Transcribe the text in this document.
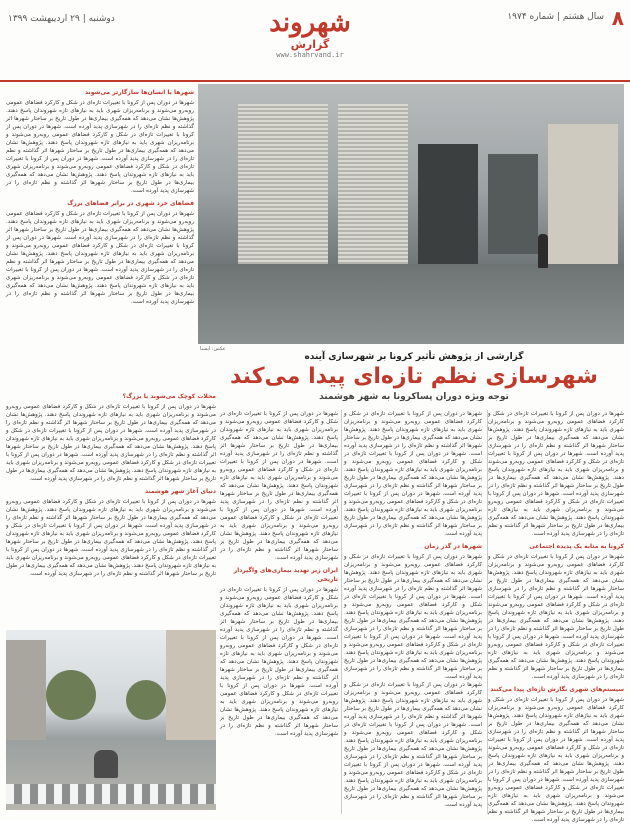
۸
سال هشتم | شماره ۱۹۷۴
شهروند
گزارش
www.shahrvand.ir
دوشنبه | ۲۹ اردیبهشت ۱۳۹۹
شهرها با انسان‌ها سازگارتر می‌شوند
شهرها در دوران پس از کرونا با تغییرات تازه‌ای در شکل و کارکرد فضاهای عمومی روبه‌رو می‌شوند و برنامه‌ریزان شهری باید به نیازهای تازه شهروندان پاسخ دهند. پژوهش‌ها نشان می‌دهد که همه‌گیری بیماری‌ها در طول تاریخ بر ساختار شهرها اثر گذاشته و نظم تازه‌ای را در شهرسازی پدید آورده است. شهرها در دوران پس از کرونا با تغییرات تازه‌ای در شکل و کارکرد فضاهای عمومی روبه‌رو می‌شوند و برنامه‌ریزان شهری باید به نیازهای تازه شهروندان پاسخ دهند. پژوهش‌ها نشان می‌دهد که همه‌گیری بیماری‌ها در طول تاریخ بر ساختار شهرها اثر گذاشته و نظم تازه‌ای را در شهرسازی پدید آورده است. شهرها در دوران پس از کرونا با تغییرات تازه‌ای در شکل و کارکرد فضاهای عمومی روبه‌رو می‌شوند و برنامه‌ریزان شهری باید به نیازهای تازه شهروندان پاسخ دهند. پژوهش‌ها نشان می‌دهد که همه‌گیری بیماری‌ها در طول تاریخ بر ساختار شهرها اثر گذاشته و نظم تازه‌ای را در شهرسازی پدید آورده است.
فضاهای خرد شهری در برابر فضاهای بزرگ
شهرها در دوران پس از کرونا با تغییرات تازه‌ای در شکل و کارکرد فضاهای عمومی روبه‌رو می‌شوند و برنامه‌ریزان شهری باید به نیازهای تازه شهروندان پاسخ دهند. پژوهش‌ها نشان می‌دهد که همه‌گیری بیماری‌ها در طول تاریخ بر ساختار شهرها اثر گذاشته و نظم تازه‌ای را در شهرسازی پدید آورده است. شهرها در دوران پس از کرونا با تغییرات تازه‌ای در شکل و کارکرد فضاهای عمومی روبه‌رو می‌شوند و برنامه‌ریزان شهری باید به نیازهای تازه شهروندان پاسخ دهند. پژوهش‌ها نشان می‌دهد که همه‌گیری بیماری‌ها در طول تاریخ بر ساختار شهرها اثر گذاشته و نظم تازه‌ای را در شهرسازی پدید آورده است. شهرها در دوران پس از کرونا با تغییرات تازه‌ای در شکل و کارکرد فضاهای عمومی روبه‌رو می‌شوند و برنامه‌ریزان شهری باید به نیازهای تازه شهروندان پاسخ دهند. پژوهش‌ها نشان می‌دهد که همه‌گیری بیماری‌ها در طول تاریخ بر ساختار شهرها اثر گذاشته و نظم تازه‌ای را در شهرسازی پدید آورده است.
عکس: ایسنا
گزارشی از پژوهش تأثیر کرونا بر شهرسازی آینده
شهرسازی نظم تازه‌ای پیدا می‌کند
توجه ویژه دوران پساکرونا به شهر هوشمند
شهرها در دوران پس از کرونا با تغییرات تازه‌ای در شکل و کارکرد فضاهای عمومی روبه‌رو می‌شوند و برنامه‌ریزان شهری باید به نیازهای تازه شهروندان پاسخ دهند. پژوهش‌ها نشان می‌دهد که همه‌گیری بیماری‌ها در طول تاریخ بر ساختار شهرها اثر گذاشته و نظم تازه‌ای را در شهرسازی پدید آورده است. شهرها در دوران پس از کرونا با تغییرات تازه‌ای در شکل و کارکرد فضاهای عمومی روبه‌رو می‌شوند و برنامه‌ریزان شهری باید به نیازهای تازه شهروندان پاسخ دهند. پژوهش‌ها نشان می‌دهد که همه‌گیری بیماری‌ها در طول تاریخ بر ساختار شهرها اثر گذاشته و نظم تازه‌ای را در شهرسازی پدید آورده است. شهرها در دوران پس از کرونا با تغییرات تازه‌ای در شکل و کارکرد فضاهای عمومی روبه‌رو می‌شوند و برنامه‌ریزان شهری باید به نیازهای تازه شهروندان پاسخ دهند. پژوهش‌ها نشان می‌دهد که همه‌گیری بیماری‌ها در طول تاریخ بر ساختار شهرها اثر گذاشته و نظم تازه‌ای را در شهرسازی پدید آورده است.
کرونا به مثابه یک پدیده اجتماعی
شهرها در دوران پس از کرونا با تغییرات تازه‌ای در شکل و کارکرد فضاهای عمومی روبه‌رو می‌شوند و برنامه‌ریزان شهری باید به نیازهای تازه شهروندان پاسخ دهند. پژوهش‌ها نشان می‌دهد که همه‌گیری بیماری‌ها در طول تاریخ بر ساختار شهرها اثر گذاشته و نظم تازه‌ای را در شهرسازی پدید آورده است. شهرها در دوران پس از کرونا با تغییرات تازه‌ای در شکل و کارکرد فضاهای عمومی روبه‌رو می‌شوند و برنامه‌ریزان شهری باید به نیازهای تازه شهروندان پاسخ دهند. پژوهش‌ها نشان می‌دهد که همه‌گیری بیماری‌ها در طول تاریخ بر ساختار شهرها اثر گذاشته و نظم تازه‌ای را در شهرسازی پدید آورده است. شهرها در دوران پس از کرونا با تغییرات تازه‌ای در شکل و کارکرد فضاهای عمومی روبه‌رو می‌شوند و برنامه‌ریزان شهری باید به نیازهای تازه شهروندان پاسخ دهند. پژوهش‌ها نشان می‌دهد که همه‌گیری بیماری‌ها در طول تاریخ بر ساختار شهرها اثر گذاشته و نظم تازه‌ای را در شهرسازی پدید آورده است.
سیستم‌های شهری نگارش تازه‌ای پیدا می‌کنند
شهرها در دوران پس از کرونا با تغییرات تازه‌ای در شکل و کارکرد فضاهای عمومی روبه‌رو می‌شوند و برنامه‌ریزان شهری باید به نیازهای تازه شهروندان پاسخ دهند. پژوهش‌ها نشان می‌دهد که همه‌گیری بیماری‌ها در طول تاریخ بر ساختار شهرها اثر گذاشته و نظم تازه‌ای را در شهرسازی پدید آورده است. شهرها در دوران پس از کرونا با تغییرات تازه‌ای در شکل و کارکرد فضاهای عمومی روبه‌رو می‌شوند و برنامه‌ریزان شهری باید به نیازهای تازه شهروندان پاسخ دهند. پژوهش‌ها نشان می‌دهد که همه‌گیری بیماری‌ها در طول تاریخ بر ساختار شهرها اثر گذاشته و نظم تازه‌ای را در شهرسازی پدید آورده است. شهرها در دوران پس از کرونا با تغییرات تازه‌ای در شکل و کارکرد فضاهای عمومی روبه‌رو می‌شوند و برنامه‌ریزان شهری باید به نیازهای تازه شهروندان پاسخ دهند. پژوهش‌ها نشان می‌دهد که همه‌گیری بیماری‌ها در طول تاریخ بر ساختار شهرها اثر گذاشته و نظم تازه‌ای را در شهرسازی پدید آورده است.
شهرها در دوران پس از کرونا با تغییرات تازه‌ای در شکل و کارکرد فضاهای عمومی روبه‌رو می‌شوند و برنامه‌ریزان شهری باید به نیازهای تازه شهروندان پاسخ دهند. پژوهش‌ها نشان می‌دهد که همه‌گیری بیماری‌ها در طول تاریخ بر ساختار شهرها اثر گذاشته و نظم تازه‌ای را در شهرسازی پدید آورده است. شهرها در دوران پس از کرونا با تغییرات تازه‌ای در شکل و کارکرد فضاهای عمومی روبه‌رو می‌شوند و برنامه‌ریزان شهری باید به نیازهای تازه شهروندان پاسخ دهند. پژوهش‌ها نشان می‌دهد که همه‌گیری بیماری‌ها در طول تاریخ بر ساختار شهرها اثر گذاشته و نظم تازه‌ای را در شهرسازی پدید آورده است. شهرها در دوران پس از کرونا با تغییرات تازه‌ای در شکل و کارکرد فضاهای عمومی روبه‌رو می‌شوند و برنامه‌ریزان شهری باید به نیازهای تازه شهروندان پاسخ دهند. پژوهش‌ها نشان می‌دهد که همه‌گیری بیماری‌ها در طول تاریخ بر ساختار شهرها اثر گذاشته و نظم تازه‌ای را در شهرسازی پدید آورده است.
شهرها در گذر زمان
شهرها در دوران پس از کرونا با تغییرات تازه‌ای در شکل و کارکرد فضاهای عمومی روبه‌رو می‌شوند و برنامه‌ریزان شهری باید به نیازهای تازه شهروندان پاسخ دهند. پژوهش‌ها نشان می‌دهد که همه‌گیری بیماری‌ها در طول تاریخ بر ساختار شهرها اثر گذاشته و نظم تازه‌ای را در شهرسازی پدید آورده است. شهرها در دوران پس از کرونا با تغییرات تازه‌ای در شکل و کارکرد فضاهای عمومی روبه‌رو می‌شوند و برنامه‌ریزان شهری باید به نیازهای تازه شهروندان پاسخ دهند. پژوهش‌ها نشان می‌دهد که همه‌گیری بیماری‌ها در طول تاریخ بر ساختار شهرها اثر گذاشته و نظم تازه‌ای را در شهرسازی پدید آورده است. شهرها در دوران پس از کرونا با تغییرات تازه‌ای در شکل و کارکرد فضاهای عمومی روبه‌رو می‌شوند و برنامه‌ریزان شهری باید به نیازهای تازه شهروندان پاسخ دهند. پژوهش‌ها نشان می‌دهد که همه‌گیری بیماری‌ها در طول تاریخ بر ساختار شهرها اثر گذاشته و نظم تازه‌ای را در شهرسازی پدید آورده است.
شهرها در دوران پس از کرونا با تغییرات تازه‌ای در شکل و کارکرد فضاهای عمومی روبه‌رو می‌شوند و برنامه‌ریزان شهری باید به نیازهای تازه شهروندان پاسخ دهند. پژوهش‌ها نشان می‌دهد که همه‌گیری بیماری‌ها در طول تاریخ بر ساختار شهرها اثر گذاشته و نظم تازه‌ای را در شهرسازی پدید آورده است. شهرها در دوران پس از کرونا با تغییرات تازه‌ای در شکل و کارکرد فضاهای عمومی روبه‌رو می‌شوند و برنامه‌ریزان شهری باید به نیازهای تازه شهروندان پاسخ دهند. پژوهش‌ها نشان می‌دهد که همه‌گیری بیماری‌ها در طول تاریخ بر ساختار شهرها اثر گذاشته و نظم تازه‌ای را در شهرسازی پدید آورده است. شهرها در دوران پس از کرونا با تغییرات تازه‌ای در شکل و کارکرد فضاهای عمومی روبه‌رو می‌شوند و برنامه‌ریزان شهری باید به نیازهای تازه شهروندان پاسخ دهند. پژوهش‌ها نشان می‌دهد که همه‌گیری بیماری‌ها در طول تاریخ بر ساختار شهرها اثر گذاشته و نظم تازه‌ای را در شهرسازی پدید آورده است.
شهرها در دوران پس از کرونا با تغییرات تازه‌ای در شکل و کارکرد فضاهای عمومی روبه‌رو می‌شوند و برنامه‌ریزان شهری باید به نیازهای تازه شهروندان پاسخ دهند. پژوهش‌ها نشان می‌دهد که همه‌گیری بیماری‌ها در طول تاریخ بر ساختار شهرها اثر گذاشته و نظم تازه‌ای را در شهرسازی پدید آورده است. شهرها در دوران پس از کرونا با تغییرات تازه‌ای در شکل و کارکرد فضاهای عمومی روبه‌رو می‌شوند و برنامه‌ریزان شهری باید به نیازهای تازه شهروندان پاسخ دهند. پژوهش‌ها نشان می‌دهد که همه‌گیری بیماری‌ها در طول تاریخ بر ساختار شهرها اثر گذاشته و نظم تازه‌ای را در شهرسازی پدید آورده است. شهرها در دوران پس از کرونا با تغییرات تازه‌ای در شکل و کارکرد فضاهای عمومی روبه‌رو می‌شوند و برنامه‌ریزان شهری باید به نیازهای تازه شهروندان پاسخ دهند. پژوهش‌ها نشان می‌دهد که همه‌گیری بیماری‌ها در طول تاریخ بر ساختار شهرها اثر گذاشته و نظم تازه‌ای را در شهرسازی پدید آورده است.
ایران زیر تهدید بیماری‌های واگیردار تاریخی
شهرها در دوران پس از کرونا با تغییرات تازه‌ای در شکل و کارکرد فضاهای عمومی روبه‌رو می‌شوند و برنامه‌ریزان شهری باید به نیازهای تازه شهروندان پاسخ دهند. پژوهش‌ها نشان می‌دهد که همه‌گیری بیماری‌ها در طول تاریخ بر ساختار شهرها اثر گذاشته و نظم تازه‌ای را در شهرسازی پدید آورده است. شهرها در دوران پس از کرونا با تغییرات تازه‌ای در شکل و کارکرد فضاهای عمومی روبه‌رو می‌شوند و برنامه‌ریزان شهری باید به نیازهای تازه شهروندان پاسخ دهند. پژوهش‌ها نشان می‌دهد که همه‌گیری بیماری‌ها در طول تاریخ بر ساختار شهرها اثر گذاشته و نظم تازه‌ای را در شهرسازی پدید آورده است. شهرها در دوران پس از کرونا با تغییرات تازه‌ای در شکل و کارکرد فضاهای عمومی روبه‌رو می‌شوند و برنامه‌ریزان شهری باید به نیازهای تازه شهروندان پاسخ دهند. پژوهش‌ها نشان می‌دهد که همه‌گیری بیماری‌ها در طول تاریخ بر ساختار شهرها اثر گذاشته و نظم تازه‌ای را در شهرسازی پدید آورده است.
محلات کوچک می‌شوند یا بزرگ؟
شهرها در دوران پس از کرونا با تغییرات تازه‌ای در شکل و کارکرد فضاهای عمومی روبه‌رو می‌شوند و برنامه‌ریزان شهری باید به نیازهای تازه شهروندان پاسخ دهند. پژوهش‌ها نشان می‌دهد که همه‌گیری بیماری‌ها در طول تاریخ بر ساختار شهرها اثر گذاشته و نظم تازه‌ای را در شهرسازی پدید آورده است. شهرها در دوران پس از کرونا با تغییرات تازه‌ای در شکل و کارکرد فضاهای عمومی روبه‌رو می‌شوند و برنامه‌ریزان شهری باید به نیازهای تازه شهروندان پاسخ دهند. پژوهش‌ها نشان می‌دهد که همه‌گیری بیماری‌ها در طول تاریخ بر ساختار شهرها اثر گذاشته و نظم تازه‌ای را در شهرسازی پدید آورده است. شهرها در دوران پس از کرونا با تغییرات تازه‌ای در شکل و کارکرد فضاهای عمومی روبه‌رو می‌شوند و برنامه‌ریزان شهری باید به نیازهای تازه شهروندان پاسخ دهند. پژوهش‌ها نشان می‌دهد که همه‌گیری بیماری‌ها در طول تاریخ بر ساختار شهرها اثر گذاشته و نظم تازه‌ای را در شهرسازی پدید آورده است.
دنیای آغاز شهر هوشمند
شهرها در دوران پس از کرونا با تغییرات تازه‌ای در شکل و کارکرد فضاهای عمومی روبه‌رو می‌شوند و برنامه‌ریزان شهری باید به نیازهای تازه شهروندان پاسخ دهند. پژوهش‌ها نشان می‌دهد که همه‌گیری بیماری‌ها در طول تاریخ بر ساختار شهرها اثر گذاشته و نظم تازه‌ای را در شهرسازی پدید آورده است. شهرها در دوران پس از کرونا با تغییرات تازه‌ای در شکل و کارکرد فضاهای عمومی روبه‌رو می‌شوند و برنامه‌ریزان شهری باید به نیازهای تازه شهروندان پاسخ دهند. پژوهش‌ها نشان می‌دهد که همه‌گیری بیماری‌ها در طول تاریخ بر ساختار شهرها اثر گذاشته و نظم تازه‌ای را در شهرسازی پدید آورده است. شهرها در دوران پس از کرونا با تغییرات تازه‌ای در شکل و کارکرد فضاهای عمومی روبه‌رو می‌شوند و برنامه‌ریزان شهری باید به نیازهای تازه شهروندان پاسخ دهند. پژوهش‌ها نشان می‌دهد که همه‌گیری بیماری‌ها در طول تاریخ بر ساختار شهرها اثر گذاشته و نظم تازه‌ای را در شهرسازی پدید آورده است.
